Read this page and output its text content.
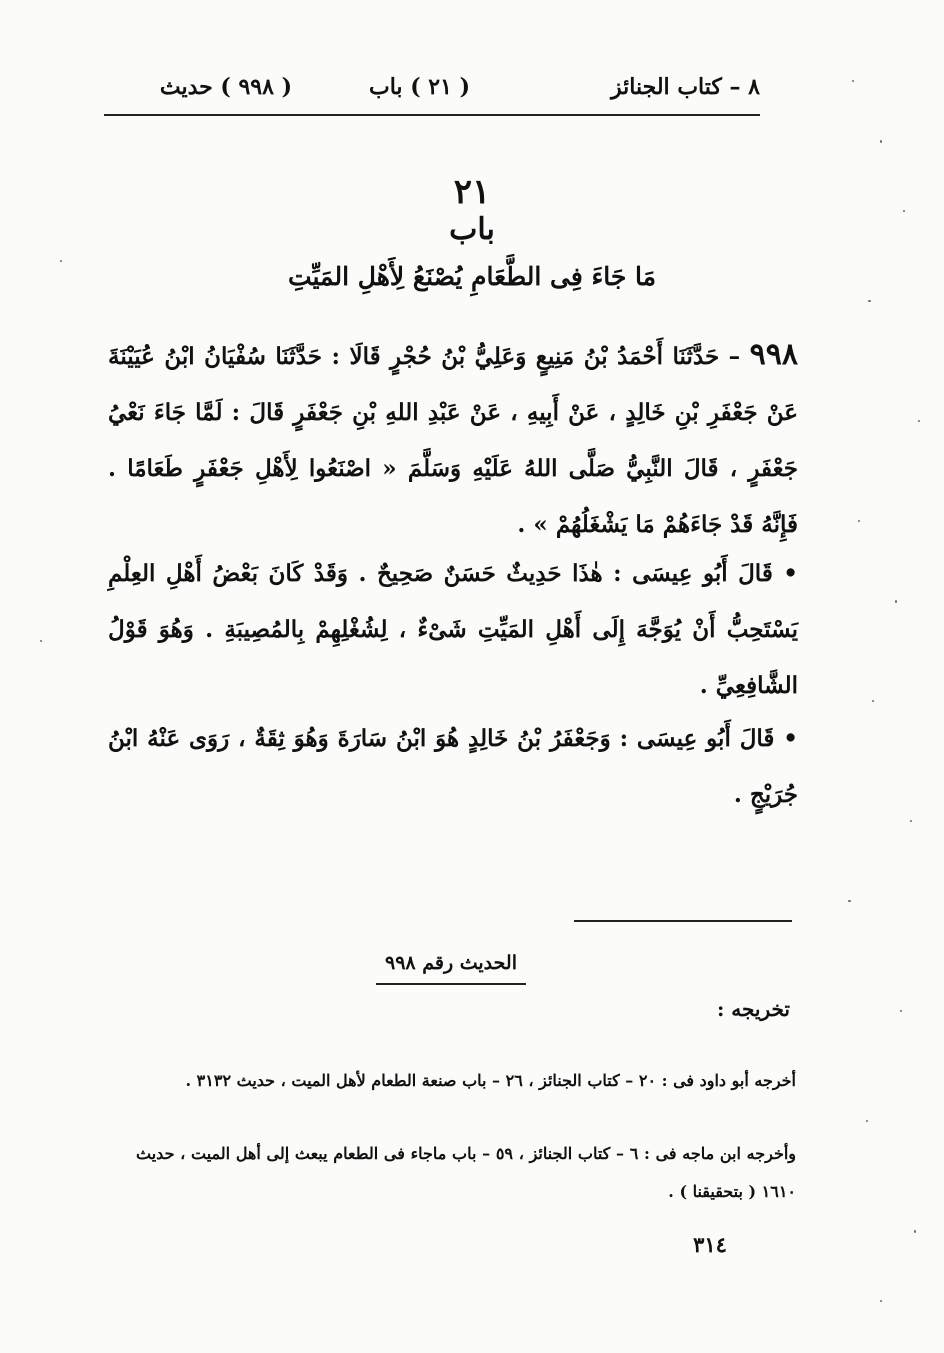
٨ – كتاب الجنائز
( ٢١ ) باب
( ٩٩٨ ) حديث
٢١
باب
مَا جَاءَ فِى الطَّعَامِ يُصْنَعُ لِأَهْلِ المَيِّتِ
٩٩٨ – حَدَّثَنَا أَحْمَدُ بْنُ مَنِيعٍ وَعَلِيُّ بْنُ حُجْرٍ قَالَا : حَدَّثَنَا سُفْيَانُ ابْنُ عُيَيْنَةَ عَنْ جَعْفَرِ بْنِ خَالِدٍ ، عَنْ أَبِيهِ ، عَنْ عَبْدِ اللهِ بْنِ جَعْفَرٍ قَالَ : لَمَّا جَاءَ نَعْيُ جَعْفَرٍ ، قَالَ النَّبِيُّ صَلَّى اللهُ عَلَيْهِ وَسَلَّمَ « اصْنَعُوا لِأَهْلِ جَعْفَرٍ طَعَامًا . فَإِنَّهُ قَدْ جَاءَهُمْ مَا يَشْغَلُهُمْ » .
• قَالَ أَبُو عِيسَى : هٰذَا حَدِيثٌ حَسَنٌ صَحِيحٌ . وَقَدْ كَانَ بَعْضُ أَهْلِ العِلْمِ يَسْتَحِبُّ أَنْ يُوَجَّهَ إِلَى أَهْلِ المَيِّتِ شَىْءٌ ، لِشُغْلِهِمْ بِالمُصِيبَةِ . وَهُوَ قَوْلُ الشَّافِعِيِّ .
• قَالَ أَبُو عِيسَى : وَجَعْفَرُ بْنُ خَالِدٍ هُوَ ابْنُ سَارَةَ وَهُوَ ثِقَةٌ ، رَوَى عَنْهُ ابْنُ جُرَيْجٍ .
الحديث رقم ٩٩٨
تخريجه :
أخرجه أبو داود فى : ٢٠ – كتاب الجنائز ، ٢٦ – باب صنعة الطعام لأهل الميت ، حديث ٣١٣٢ .
وأخرجه ابن ماجه فى : ٦ – كتاب الجنائز ، ٥٩ – باب ماجاء فى الطعام يبعث إلى أهل الميت ، حديث ١٦١٠ ( بتحقيقنا ) .
٣١٤
